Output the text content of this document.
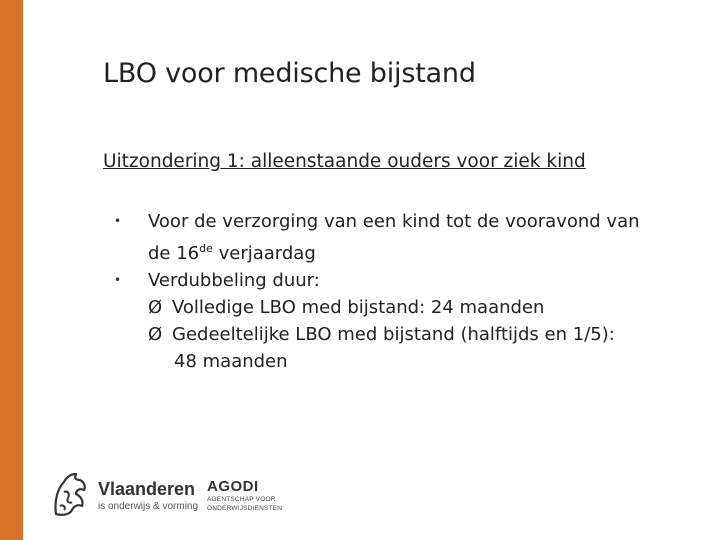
LBO voor medische bijstand
Uitzondering 1: alleenstaande ouders voor ziek kind
• Voor de verzorging van een kind tot de vooravond van
de 16de verjaardag
• Verdubbeling duur:
Ø Volledige LBO med bijstand: 24 maanden
Ø Gedeeltelijke LBO med bijstand (halftijds en 1/5):
48 maanden
Vlaanderen
is onderwijs & vorming
AGODI
AGENTSCHAP VOOR
ONDERWIJSDIENSTEN
